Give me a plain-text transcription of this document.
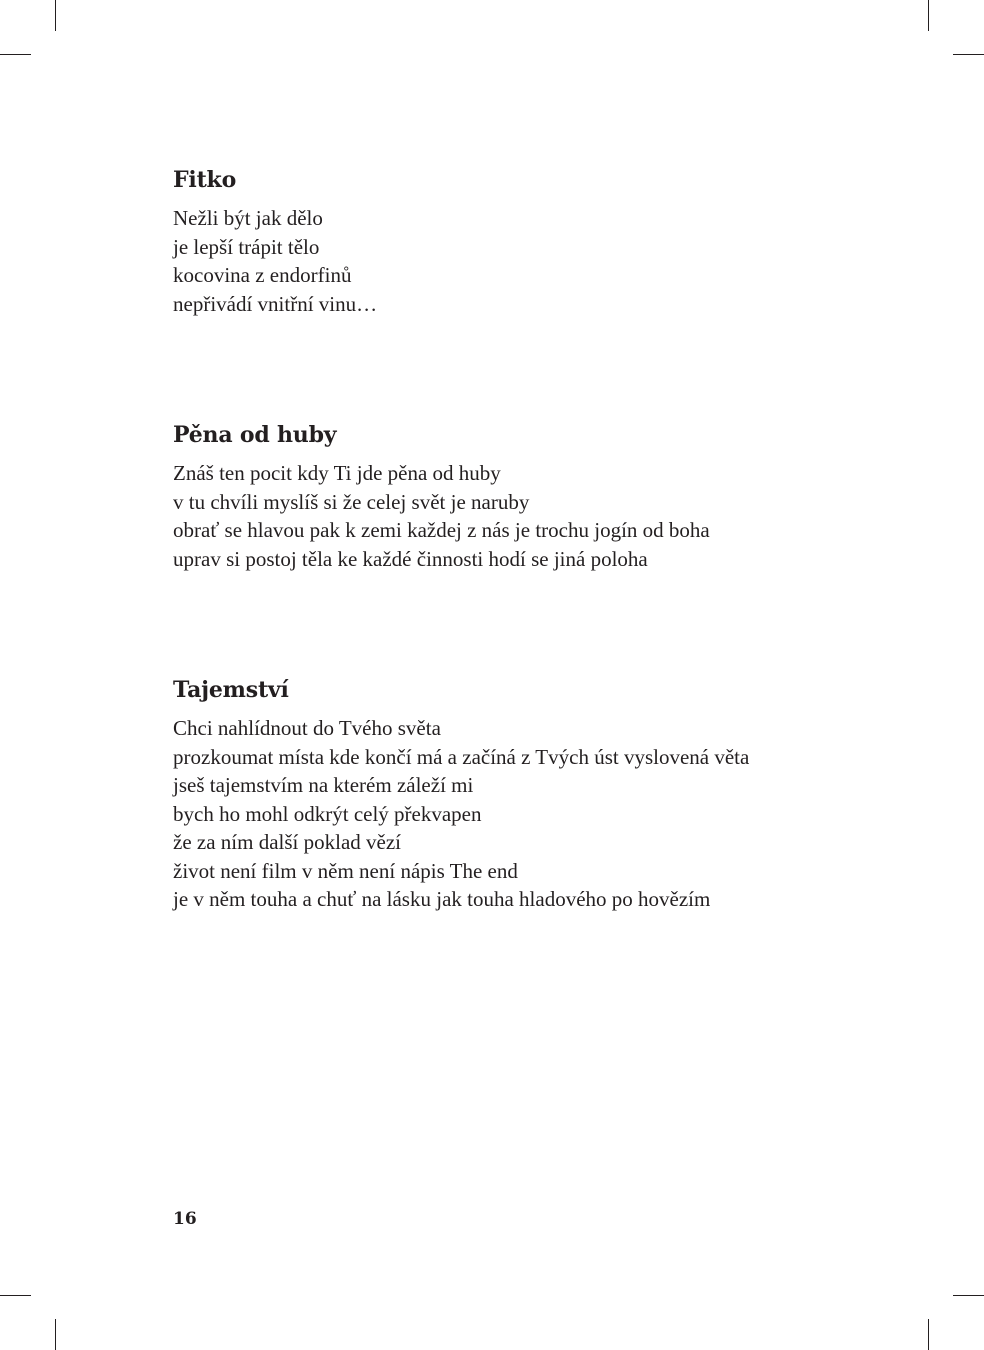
Fitko
Nežli být jak dělo
je lepší trápit tělo
kocovina z endorfinů
nepřivádí vnitřní vinu…
Pěna od huby
Znáš ten pocit kdy Ti jde pěna od huby
v tu chvíli myslíš si že celej svět je naruby
obrať se hlavou pak k zemi každej z nás je trochu jogín od boha
uprav si postoj těla ke každé činnosti hodí se jiná poloha
Tajemství
Chci nahlídnout do Tvého světa
prozkoumat místa kde končí má a začíná z Tvých úst vyslovená věta
jseš tajemstvím na kterém záleží mi
bych ho mohl odkrýt celý překvapen
že za ním další poklad vězí
život není film v něm není nápis The end
je v něm touha a chuť na lásku jak touha hladového po hovězím
16
